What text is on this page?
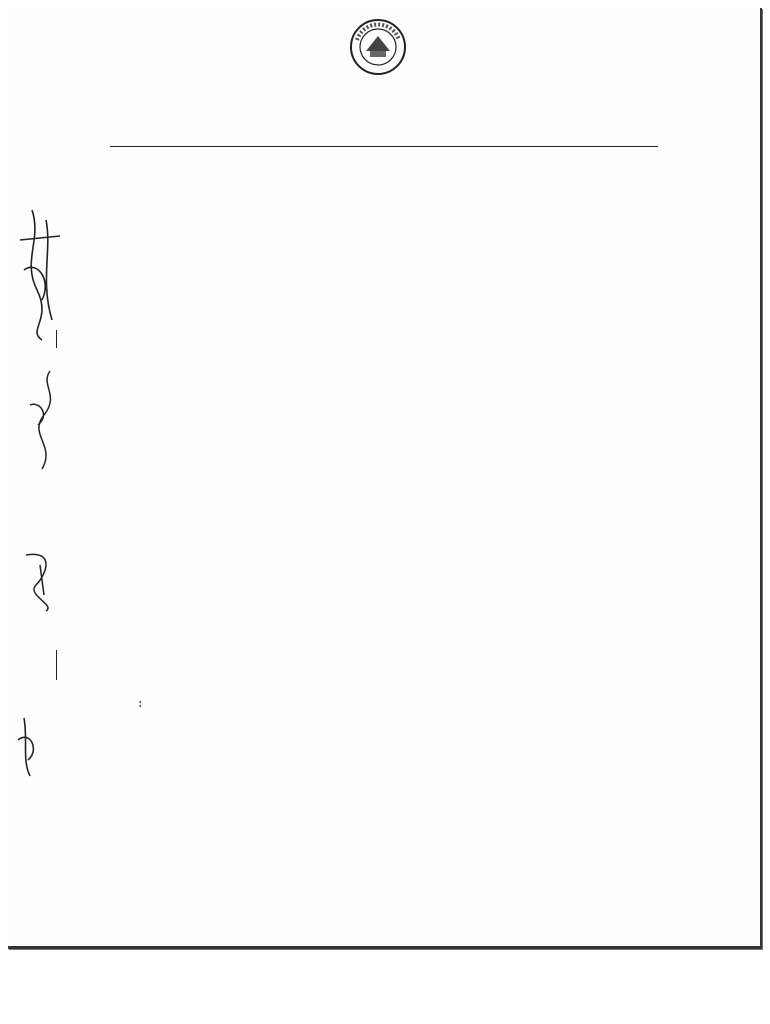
:
